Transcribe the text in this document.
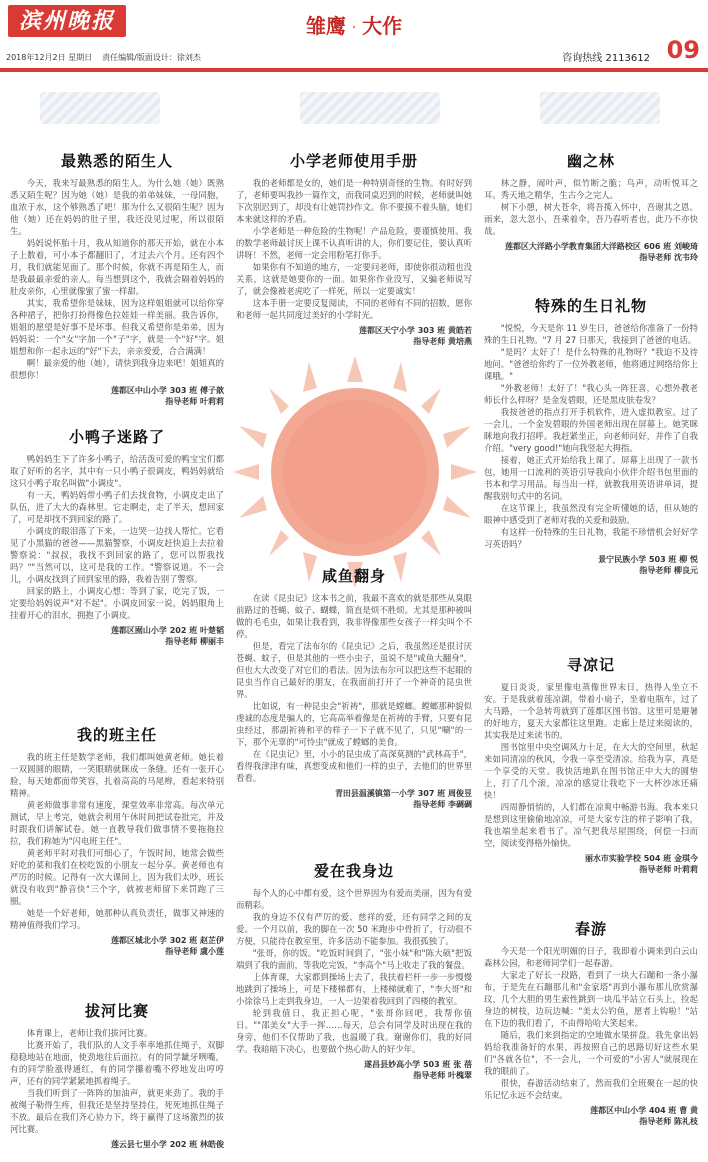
滨州晚报	雏鹰 · 大作
2018年12月2日 星期日 责任编辑/版面设计：徐刘杰	咨询热线 2113612 09
最熟悉的陌生人

今天，我来写最熟悉的陌生人。为什么她（她）既熟悉又陌生呢？因为她（她）是我的弟弟妹妹，一母同胞，血浓于水，这个够熟悉了吧！那为什么又很陌生呢？因为他（她）还在妈妈的肚子里，我还没见过呢，所以很陌生。

妈妈说怀胎十月，我从知道你的那天开始，就在小本子上数着，可小本子都翻旧了，才过去六个月。还有四个月，我们就能见面了。那个时候，你就不再是陌生人，而是我最最亲爱的亲人。每当想到这个，我就会隔着妈妈的肚皮亲你，心里就像蜜了蜜一样甜。

其实，我希望你是妹妹，因为这样姐姐就可以给你穿各种裙子，把你打扮得像色拉娃娃一样美丽。我告诉你，姐姐的愿望是好事不是坏事。但我又希望你是弟弟，因为妈妈说：一个"女"字加一个"子"字，就是一个"好"字。姐姐想和你一起永远的"好"下去，亲亲爱爱，合合满满！

啊！最亲爱的他（她），请快到我身边来吧！姐姐真的很想你！

莲都区中山小学 303 班 傅子歆
指导老师 叶莉莉
小鸭子迷路了

鸭妈妈生下了许多小鸭子，给活泼可爱的鸭宝宝们都取了好听的名字，其中有一只小鸭子很调皮，鸭妈妈就给这只小鸭子取名叫做"小调皮"。

有一天，鸭妈妈带小鸭子们去找食物，小调皮走出了队伍，进了大大的森林里。它走啊走，走了半天，想回家了，可是却找不到回家的路了。

小调皮的眼泪落了下来，一边哭一边找人帮忙。它看见了小黑猫的爸爸——黑猫警察，小调皮赶快追上去拉着警察说："叔叔，我找不到回家的路了，您可以帮我找吗？""当然可以，这可是我的工作。"警察说道。不一会儿，小调皮找到了回到家里的路，我着告别了警察。

回家的路上，小调皮心想：等到了家，吃完了饭，一定要给妈妈说声"对不起"。小调皮回家一说，妈妈眼角上挂着开心的泪水，拥抱了小调皮。

莲都区囿山小学 202 班 叶楚韬
指导老师 柳丽丰
我的班主任

我的班主任是数学老师，我们都叫她黄老师。她长着一双圆圆的眼睛，一笑眼睛就眯成一条缝。还有一张开心脸，每天她都面带笑容，扎着高高的马尾辫，看起来特别精神。

黄老师做事非常有速度，课堂效率非常高。每次单元测试，早上考完，她就会利用午休时间把试卷批完，并及时跟我们讲解试卷。她一直教导我们做事情不要拖拖拉拉，我们称她为"闪电班主任"。

黄老师平时对我们可细心了，午饭时间，她常会做些好吃的菜和我们在校吃饭的小朋友一起分享。黄老师也有严厉的时候。记得有一次大课间上，因为我们太吵，班长就没有收到"静音快"三个字，就被老师留下来罚跑了三圈。

她是一个好老师，她那种认真负责任，做事又神速的精神值得我们学习。

莲都区城北小学 302 班 赵芷伊
指导老师 虞小莲
拔河比赛

体育课上，老师让我们拔河比赛。

比赛开始了，我们队的人文手率率地抓住绳子，双脚稳稳地站在地面，使劲地往后面拉。有的同学龇牙咧嘴，有的同学脸涨得通红，有的同学攥着嘴不停地发出哼哼声，还有的同学紧紧地抓着绳子。

当我们听到了一阵阵的加油声，就更来劲了。我的手被绳子勒得生疼，但我还是坚持坚持住，死死地抓住绳子不放。最后在我们齐心协力下，终于赢得了这场激烈的拔河比赛。

莲云县七里小学 202 班 林皓俊
小学老师使用手册

我的老师都是女的，她们是一种特别奇怪的生物。有时好到了，老师要叫我抄一篇作文，而我同桌迟到的时候，老师就叫她下次别迟到了，却没有让她罚抄作文。你不要摸不着头脑，她们本来就这样的矛盾。

小学老师是一种危险的生物呢！产品危险，要谨慎使用。我的数学老师最讨厌上课不认真听讲的人，你们要记住，要认真听讲呀！不然，老师一定会用粉笔打你手。

如果你有不知道的地方，一定要问老师，即使你很动粗也没关系，这就是她要你的一面。如果你作业没写，又骗老师说写了，就会像被老虎吃了一样死，所以一定要诚实！

这本手册一定要反复阅读，不同的老师有不同的招数，愿你和老师一起共同度过美好的小学时光。

莲都区天宁小学 303 班 黄皓若
指导老师 黄培燕
咸鱼翻身

在读《昆虫记》这本书之前，我最不喜欢的就是那些从臭眼前路过的苍蝇、蚊子、蝴蝶，简直是烦不胜烦。尤其是那种被叫做的毛毛虫，如果让我看到，我非得像那些女孩子一样尖叫个不停。

但是，看完了法布尔的《昆虫记》之后，我虽然还是很讨厌苍蝇、蚊子，但是其他的一些小虫子，虽说不是"咸鱼大翻身"，但也大大改变了对它们的看法。因为法布尔可以把这些不起眼的昆虫当作自己最好的朋友，在我面前打开了一个神奇的昆虫世界。

比如说，有一种昆虫会"祈祷"，那就是螳螂。螳螂那种貌似虔诚的态度是骗人的，它高高举着像是在祈祷的手臂，只要有昆虫经过，那副祈祷和平的样子一下子就不见了，只见"唰"的一下，那个无辜的"可怜虫"就成了螳螂的美食。

在《昆虫记》里，小小的昆虫成了高深莫测的"武林高手"，看得我津津有味，真想变成和他们一样的虫子，去他们的世界里看看。

青田县温溪镇第一小学 307 班 周俊昱
指导老师 李碉碉
爱在我身边

每个人的心中都有爱，这个世界因为有爱而美丽，因为有爱而精彩。

我的身边不仅有严厉的爱、慈祥的爱，还有同学之间的友爱。一个月以前，我的脚在一次 50 米跑步中骨折了，行动很不方便，只能待在教室里，许多活动不能参加。我很孤独了。

"张哥，你的饭。"吃饭时间到了，"张小妹"和"陈大硕"把饭端到了我的面前，等我吃完饭，"李高个"马上收走了我的餐盘。

上体育课，大家都到操场上去了，我扶着栏杆一步一步慢慢地跳到了操场上，可是下楼梯都有，上楼梯就难了，"李大哥"和小徐徐马上走到我身边，一人一边架着我回到了四楼的教室。

轮到我值日，我正担心呢，"张哥你回吧，我帮你值日。""邵美女"大手一挥……每天，总会有同学及时出现在我的身旁，他们不仅帮助了我，也温暖了我。谢谢你们，我的好同学。我暗暗下决心，也要做个热心助人的好少年。

遂昌县妙高小学 503 班 张 蓓
指导老师 叶槐翠
幽之林

林之静，闹叶声，似竹断之脆；鸟声，动听悦耳之耳。秀天地之精华，生古今之完人。

树下小憩，树大苍伞，将吾揽入怀中，吾谢其之恩。雨来，忽大忽小，吾乘着伞，吾乃春听者也，此乃不亦快哉。

莲都区大洋路小学教育集团大洋路校区 606 班 刘峻琦
指导老师 沈韦玲
特殊的生日礼物

"悦悦，今天是你 11 岁生日，爸爸给你准备了一份特殊的生日礼物。"7 月 27 日那天，我接到了爸爸的电话。

"是吗？太好了！是什么特殊的礼物呀？"我迫不及待地问。"爸爸给你约了一位外教老师，他将通过网络给你上课哦。"

"外教老师！太好了！"我心头一阵狂喜，心想外教老师长什么样呀？是金发碧眼，还是黑皮肤卷发？

我按爸爸的指点打开手机软件，进入虚拟教室。过了一会儿，一个金发碧眼的外国老师出现在屏幕上。她笑眯眯地向我打招呼。我赶紧坐正，向老师问好，并作了自我介绍。"very good!"她向我竖起大拇指。

接着，她正式开始给我上课了。屏幕上出现了一款书包，她用一口流利的英语引导我向小伙伴介绍书包里面的书本和学习用品。每当出一样，就教我用英语讲单词，提醒我别句式中的名词。

在这节课上，我虽然没有完全听懂她的话，但从她的眼神中感受到了老师对我的关爱和鼓励。

有这样一份特殊的生日礼物，我能不珍惜机会好好学习英语吗？

景宁民族小学 503 班 柳 悦
指导老师 柳良元
寻凉记

夏日炎炎，家里像电蒸像世界末日，热得人坐立不安。于是我就着莲凉湖，带着小扇子，坐着电瓶车，过了大马路，一个急转弯就到了莲都区图书馆。这里可是避暑的好地方，夏天大家都往这里跑。走廊上是过来阅读的，其实我是过来读书的。

图书馆里中央空调风力十足，在大大的空间里，秋起来如同清凉的秋风，令我一享至受清凉。给我为享，真是一个享受的天堂。我快活地趴在图书馆正中大大的圆垫上，打了几个滚，凉凉的感觉让我吃下一大杯沙冰还痛快！

四周静悄悄的，人们都在凉爽中畅游书海。我本来只是想到这里偷偷地凉凉，可是大家专注的样子影响了我，我也端坐起来看书了。凉气把我尽屋围绕，何偿一扫而空，阅读变得格外愉快。

丽水市实验学校 504 班 金琪今
指导老师 叶莉莉
春游

今天是一个阳光明媚的日子，我即着小调来到白云山森林公园，和老师同学们一起春游。

大家走了好长一段路，看到了一块大石蹦和一条小瀑布，于是先在石蹦那儿和"金家塔"再到小瀑布那儿欣赏瀑玟，几个大胆的男生索性跳到一块瓜半站立石头上，捡起身边的树枝，边玩边喊："美太公钓鱼，愿者上钩啦！"站在下边的我们看了，不由得哈哈大笑起来。

随后，我们来到指定的空地做水果拼盘。我先拿出妈妈给我准备好的水果，再按照自己的思路切好这些水果们"各就各位"，不一会儿，一个可爱的"小害人"就展现在我的眼前了。

很快，春游活动结束了，然而我们全班聚在一起的快乐记忆永远不会结束。

莲都区中山小学 404 班 曹 黄
指导老师 陈礼枝
